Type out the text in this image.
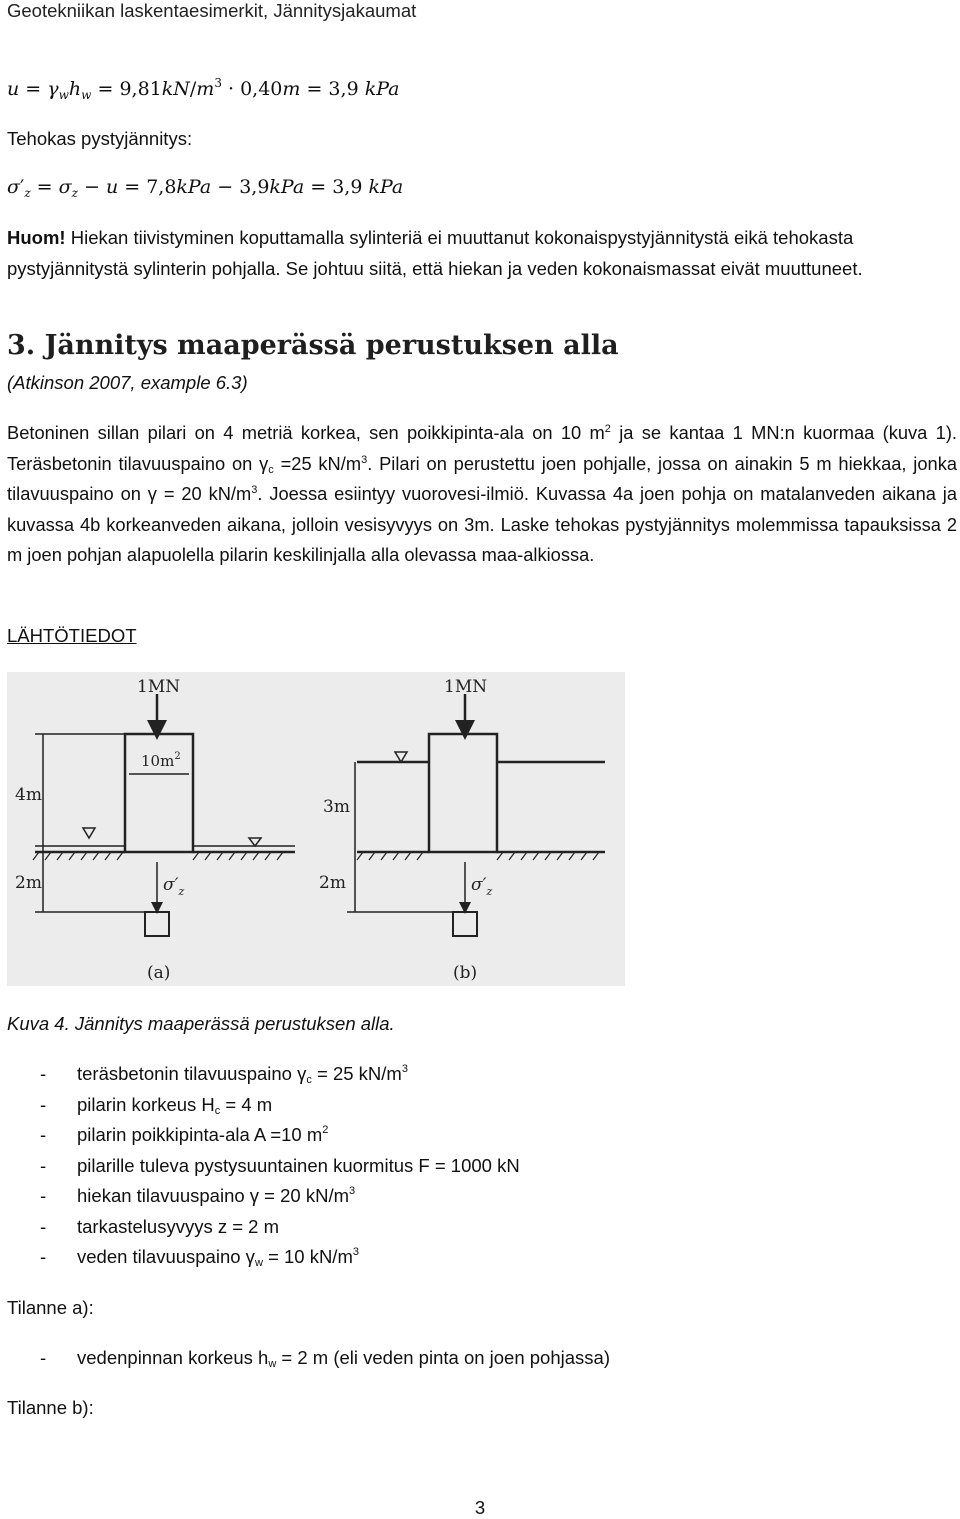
Geotekniikan laskentaesimerkit, Jännitysjakaumat
$u = \gamma_wh_w = 9,81kN/m^3 \cdot 0,40m = 3,9$ kPa
Tehokas pystyjännitys:
$\sigma'_z = \sigma_z - u = 7,8kPa - 3,9kPa = 3,9$ kPa
Huom! Hiekan tiivistyminen koputtamalla sylinteriä ei muuttanut kokonaispystyjännitystä eikä tehokasta
pystyjännitystä sylinterin pohjalla. Se johtuu siitä, että hiekan ja veden kokonaismassat eivät muuttuneet.
3. Jännitys maaperässä perustuksen alla
(Atkinson 2007, example 6.3)
Betoninen sillan pilari on 4 metriä korkea, sen poikkipinta-ala on 10 $m^2$ ja se kantaa 1 MN:n kuormaa (kuva 1). Teräsbetonin tilavuuspaino on $\gamma_c =25$ $kN/m^3$. Pilari on perustettu joen pohjalle, jossa on ainakin 5 m hiekkaa, jonka tilavuuspaino on γ = 20 $kN/m^3$. Joessa esiintyy vuorovesi-ilmiö. Kuvassa 4a joen pohja on matalanveden aikana ja kuvassa 4b korkeanveden aikana, jolloin vesisyvyys on 3m. Laske tehokas pystyjännitys molemmissa tapauksissa 2 m joen pohjan alapuolella pilarin keskilinjalla alla olevassa maa-alkiossa.
LÄHTÖTIEDOT
1MN	1MN
$10m^2$
4m
2m
3m
2m
$\sigma'_z$	$\sigma'_z$
(a)	(b)
Kuva 4. Jännitys maaperässä perustuksen alla.
- teräsbetonin tilavuuspaino $\gamma_c = 25$ $kN/m^3$
- pilarin korkeus $H_c = 4$ m
- pilarin poikkipinta-ala A =10 $m^2$
- pilarille tuleva pystysuuntainen kuormitus F = 1000 kN
- hiekan tilavuuspaino γ = 20 $kN/m^3$
- tarkastelusyvyys z = 2 m
- veden tilavuuspaino $\gamma_w = 10$ $kN/m^3$
Tilanne a):
- vedenpinnan korkeus $h_w = 2$ m (eli veden pinta on joen pohjassa)
Tilanne b):
3
